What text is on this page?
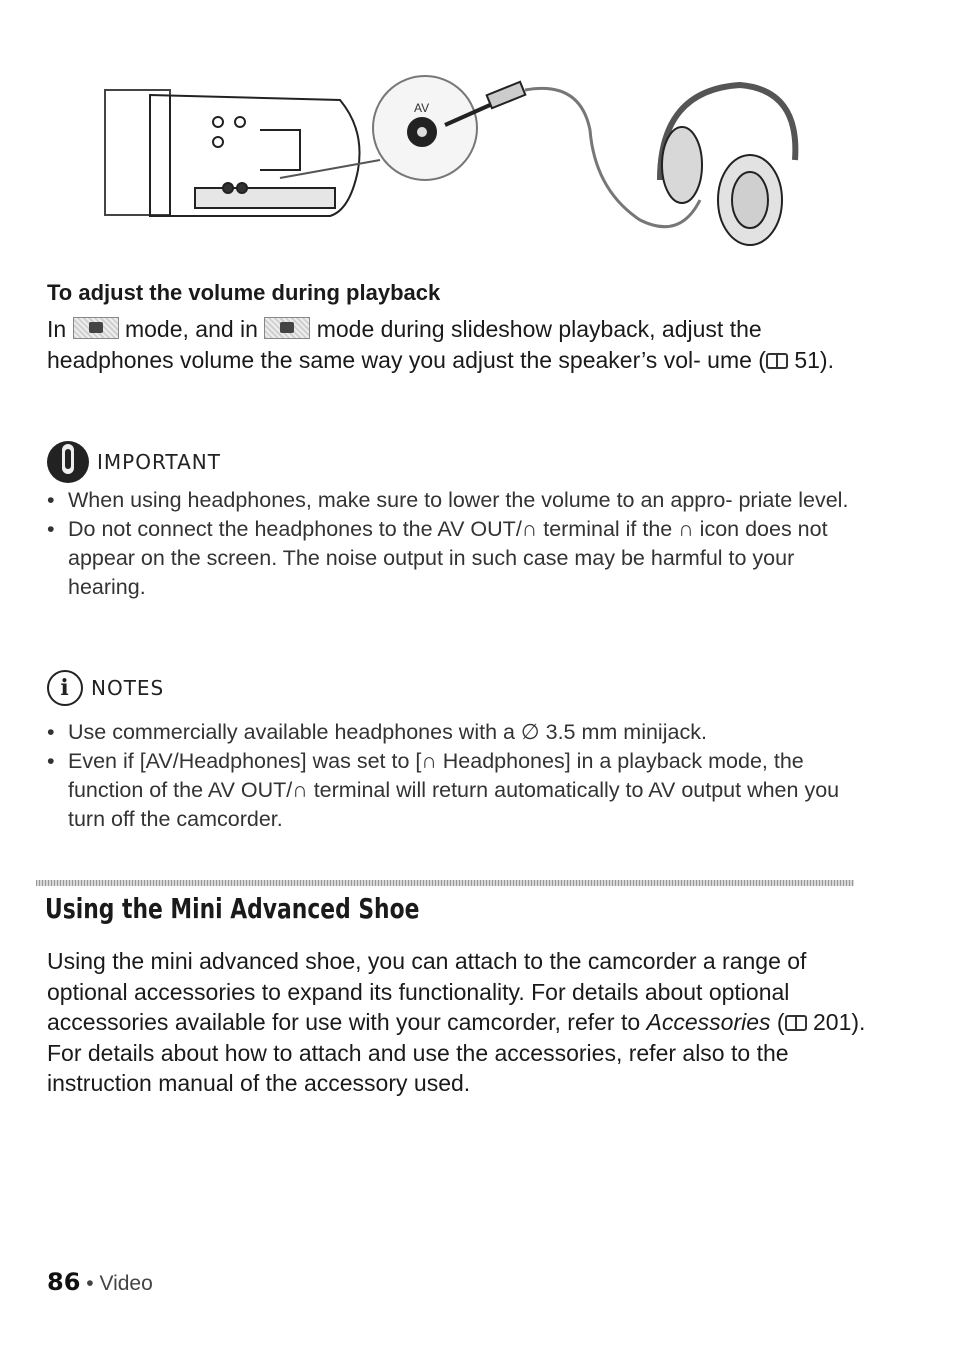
AV
To adjust the volume during playback

In
mode, and in
mode during slideshow playback, adjust the headphones volume the same way you adjust the speaker’s vol- ume ( 51).

IMPORTANT
• When using headphones, make sure to lower the volume to an appro- priate level.
• Do not connect the headphones to the AV OUT/∩ terminal if the ∩ icon does not appear on the screen. The noise output in such case may be harmful to your hearing.
i	NOTES
• Use commercially available headphones with a ∅ 3.5 mm minijack.
• Even if [AV/Headphones] was set to [∩ Headphones] in a playback mode, the function of the AV OUT/∩ terminal will return automatically to AV output when you turn off the camcorder.
Using the Mini Advanced Shoe

Using the mini advanced shoe, you can attach to the camcorder a range of optional accessories to expand its functionality. For details about optional accessories available for use with your camcorder, refer to Accessories ( 201). For details about how to attach and use the accessories, refer also to the instruction manual of the accessory used.

86 • Video
